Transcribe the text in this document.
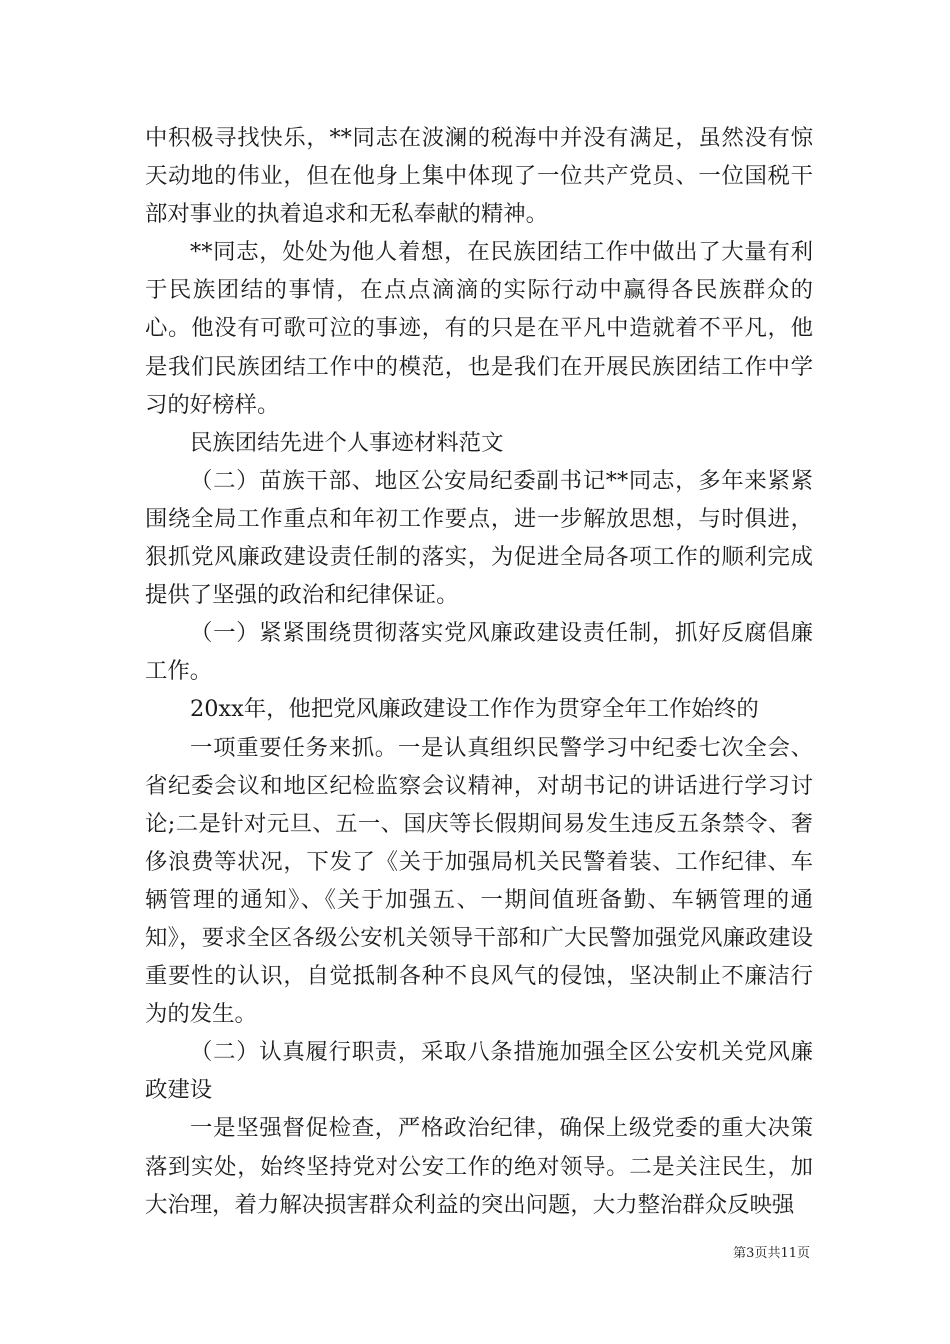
中积极寻找快乐，**同志在波澜的税海中并没有满足，虽然没有惊天动地的伟业，但在他身上集中体现了一位共产党员、一位国税干部对事业的执着追求和无私奉献的精神。

**同志，处处为他人着想，在民族团结工作中做出了大量有利于民族团结的事情，在点点滴滴的实际行动中赢得各民族群众的心。他没有可歌可泣的事迹，有的只是在平凡中造就着不平凡，他是我们民族团结工作中的模范，也是我们在开展民族团结工作中学习的好榜样。

民族团结先进个人事迹材料范文

（二）苗族干部、地区公安局纪委副书记**同志，多年来紧紧围绕全局工作重点和年初工作要点，进一步解放思想，与时俱进，狠抓党风廉政建设责任制的落实，为促进全局各项工作的顺利完成提供了坚强的政治和纪律保证。

（一）紧紧围绕贯彻落实党风廉政建设责任制，抓好反腐倡廉工作。

20xx年，他把党风廉政建设工作作为贯穿全年工作始终的

一项重要任务来抓。一是认真组织民警学习中纪委七次全会、省纪委会议和地区纪检监察会议精神，对胡书记的讲话进行学习讨论;二是针对元旦、五一、国庆等长假期间易发生违反五条禁令、奢侈浪费等状况，下发了《关于加强局机关民警着装、工作纪律、车辆管理的通知》、《关于加强五、一期间值班备勤、车辆管理的通知》，要求全区各级公安机关领导干部和广大民警加强党风廉政建设重要性的认识，自觉抵制各种不良风气的侵蚀，坚决制止不廉洁行为的发生。

（二）认真履行职责，采取八条措施加强全区公安机关党风廉政建设

一是坚强督促检查，严格政治纪律，确保上级党委的重大决策落到实处，始终坚持党对公安工作的绝对领导。二是关注民生，加大治理，着力解决损害群众利益的突出问题，大力整治群众反映强

第3页共11页
